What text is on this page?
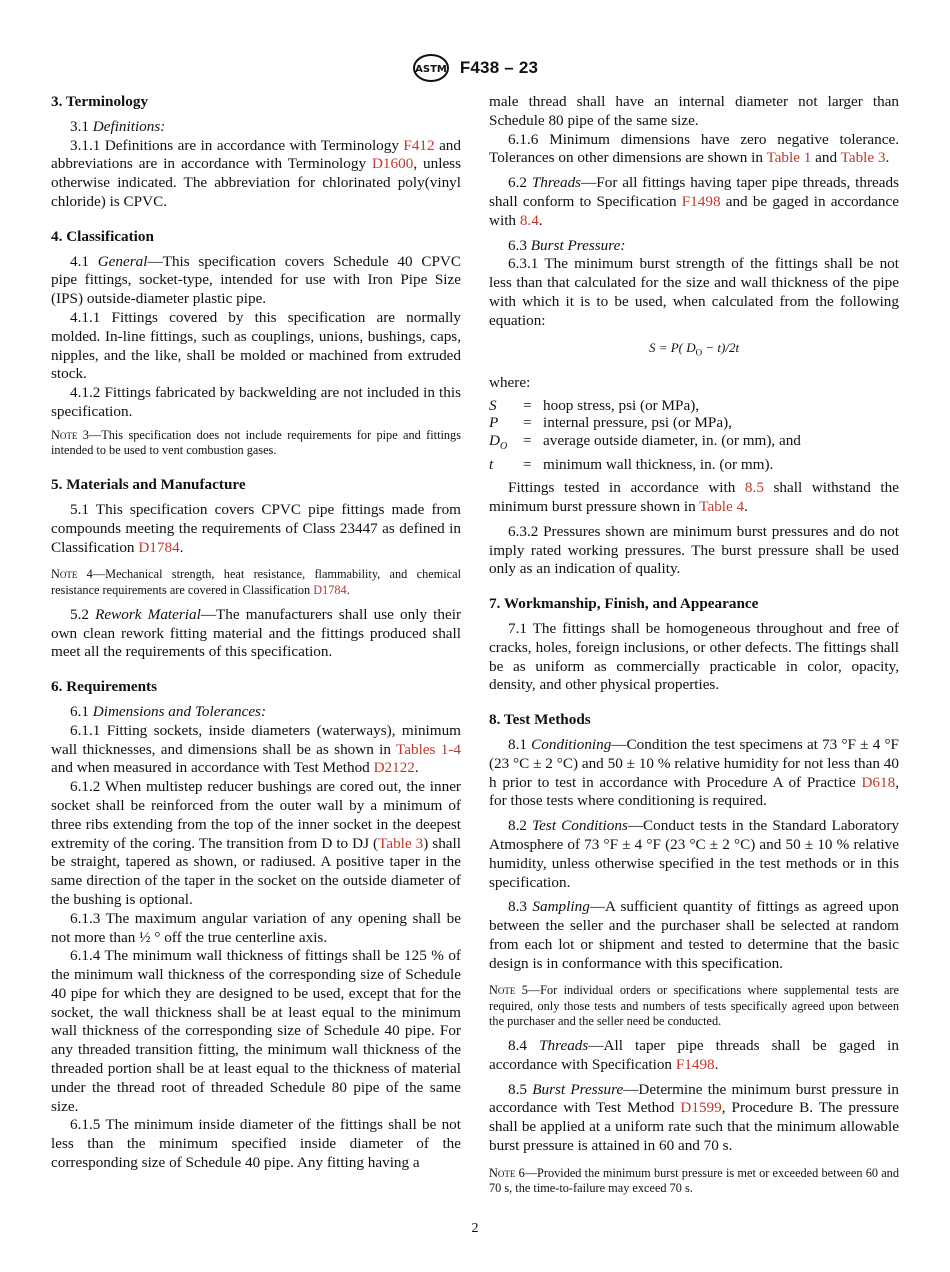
ASTM F438 – 23
3. Terminology

3.1 Definitions:

3.1.1 Definitions are in accordance with Terminology F412 and abbreviations are in accordance with Terminology D1600, unless otherwise indicated. The abbreviation for chlorinated poly(vinyl chloride) is CPVC.

4. Classification

4.1 General—This specification covers Schedule 40 CPVC pipe fittings, socket-type, intended for use with Iron Pipe Size (IPS) outside-diameter plastic pipe.

4.1.1 Fittings covered by this specification are normally molded. In-line fittings, such as couplings, unions, bushings, caps, nipples, and the like, shall be molded or machined from extruded stock.

4.1.2 Fittings fabricated by backwelding are not included in this specification.

Note 3—This specification does not include requirements for pipe and fittings intended to be used to vent combustion gases.

5. Materials and Manufacture

5.1 This specification covers CPVC pipe fittings made from compounds meeting the requirements of Class 23447 as defined in Classification D1784.

Note 4—Mechanical strength, heat resistance, flammability, and chemical resistance requirements are covered in Classification D1784.

5.2 Rework Material—The manufacturers shall use only their own clean rework fitting material and the fittings produced shall meet all the requirements of this specification.

6. Requirements

6.1 Dimensions and Tolerances:

6.1.1 Fitting sockets, inside diameters (waterways), minimum wall thicknesses, and dimensions shall be as shown in Tables 1-4 and when measured in accordance with Test Method D2122.

6.1.2 When multistep reducer bushings are cored out, the inner socket shall be reinforced from the outer wall by a minimum of three ribs extending from the top of the inner socket in the deepest extremity of the coring. The transition from D to DJ (Table 3) shall be straight, tapered as shown, or radiused. A positive taper in the same direction of the taper in the socket on the outside diameter of the bushing is optional.

6.1.3 The maximum angular variation of any opening shall be not more than ½ ° off the true centerline axis.

6.1.4 The minimum wall thickness of fittings shall be 125 % of the minimum wall thickness of the corresponding size of Schedule 40 pipe for which they are designed to be used, except that for the socket, the wall thickness shall be at least equal to the minimum wall thickness of the corresponding size of Schedule 40 pipe. For any threaded transition fitting, the minimum wall thickness of the threaded portion shall be at least equal to the thickness of material under the thread root of threaded Schedule 80 pipe of the same size.

6.1.5 The minimum inside diameter of the fittings shall be not less than the minimum specified inside diameter of the corresponding size of Schedule 40 pipe. Any fitting having a

male thread shall have an internal diameter not larger than Schedule 80 pipe of the same size.

6.1.6 Minimum dimensions have zero negative tolerance. Tolerances on other dimensions are shown in Table 1 and Table 3.

6.2 Threads—For all fittings having taper pipe threads, threads shall conform to Specification F1498 and be gaged in accordance with 8.4.

6.3 Burst Pressure:

6.3.1 The minimum burst strength of the fittings shall be not less than that calculated for the size and wall thickness of the pipe with which it is to be used, when calculated from the following equation:

S = P( $D_O - t)/2t$

where:

S	= hoop stress, psi (or MPa),
P	= internal pressure, psi (or MPa),
$D_O$	= average outside diameter, in. (or mm), and
t	= minimum wall thickness, in. (or mm).

Fittings tested in accordance with 8.5 shall withstand the minimum burst pressure shown in Table 4.

6.3.2 Pressures shown are minimum burst pressures and do not imply rated working pressures. The burst pressure shall be used only as an indication of quality.

7. Workmanship, Finish, and Appearance

7.1 The fittings shall be homogeneous throughout and free of cracks, holes, foreign inclusions, or other defects. The fittings shall be as uniform as commercially practicable in color, opacity, density, and other physical properties.

8. Test Methods

8.1 Conditioning—Condition the test specimens at 73 °F ± 4 °F (23 °C ± 2 °C) and 50 ± 10 % relative humidity for not less than 40 h prior to test in accordance with Procedure A of Practice D618, for those tests where conditioning is required.

8.2 Test Conditions—Conduct tests in the Standard Laboratory Atmosphere of 73 °F ± 4 °F (23 °C ± 2 °C) and 50 ± 10 % relative humidity, unless otherwise specified in the test methods or in this specification.

8.3 Sampling—A sufficient quantity of fittings as agreed upon between the seller and the purchaser shall be selected at random from each lot or shipment and tested to determine that the basic design is in conformance with this specification.

Note 5—For individual orders or specifications where supplemental tests are required, only those tests and numbers of tests specifically agreed upon between the purchaser and the seller need be conducted.

8.4 Threads—All taper pipe threads shall be gaged in accordance with Specification F1498.

8.5 Burst Pressure—Determine the minimum burst pressure in accordance with Test Method D1599, Procedure B. The pressure shall be applied at a uniform rate such that the minimum allowable burst pressure is attained in 60 and 70 s.

Note 6—Provided the minimum burst pressure is met or exceeded between 60 and 70 s, the time-to-failure may exceed 70 s.

2
